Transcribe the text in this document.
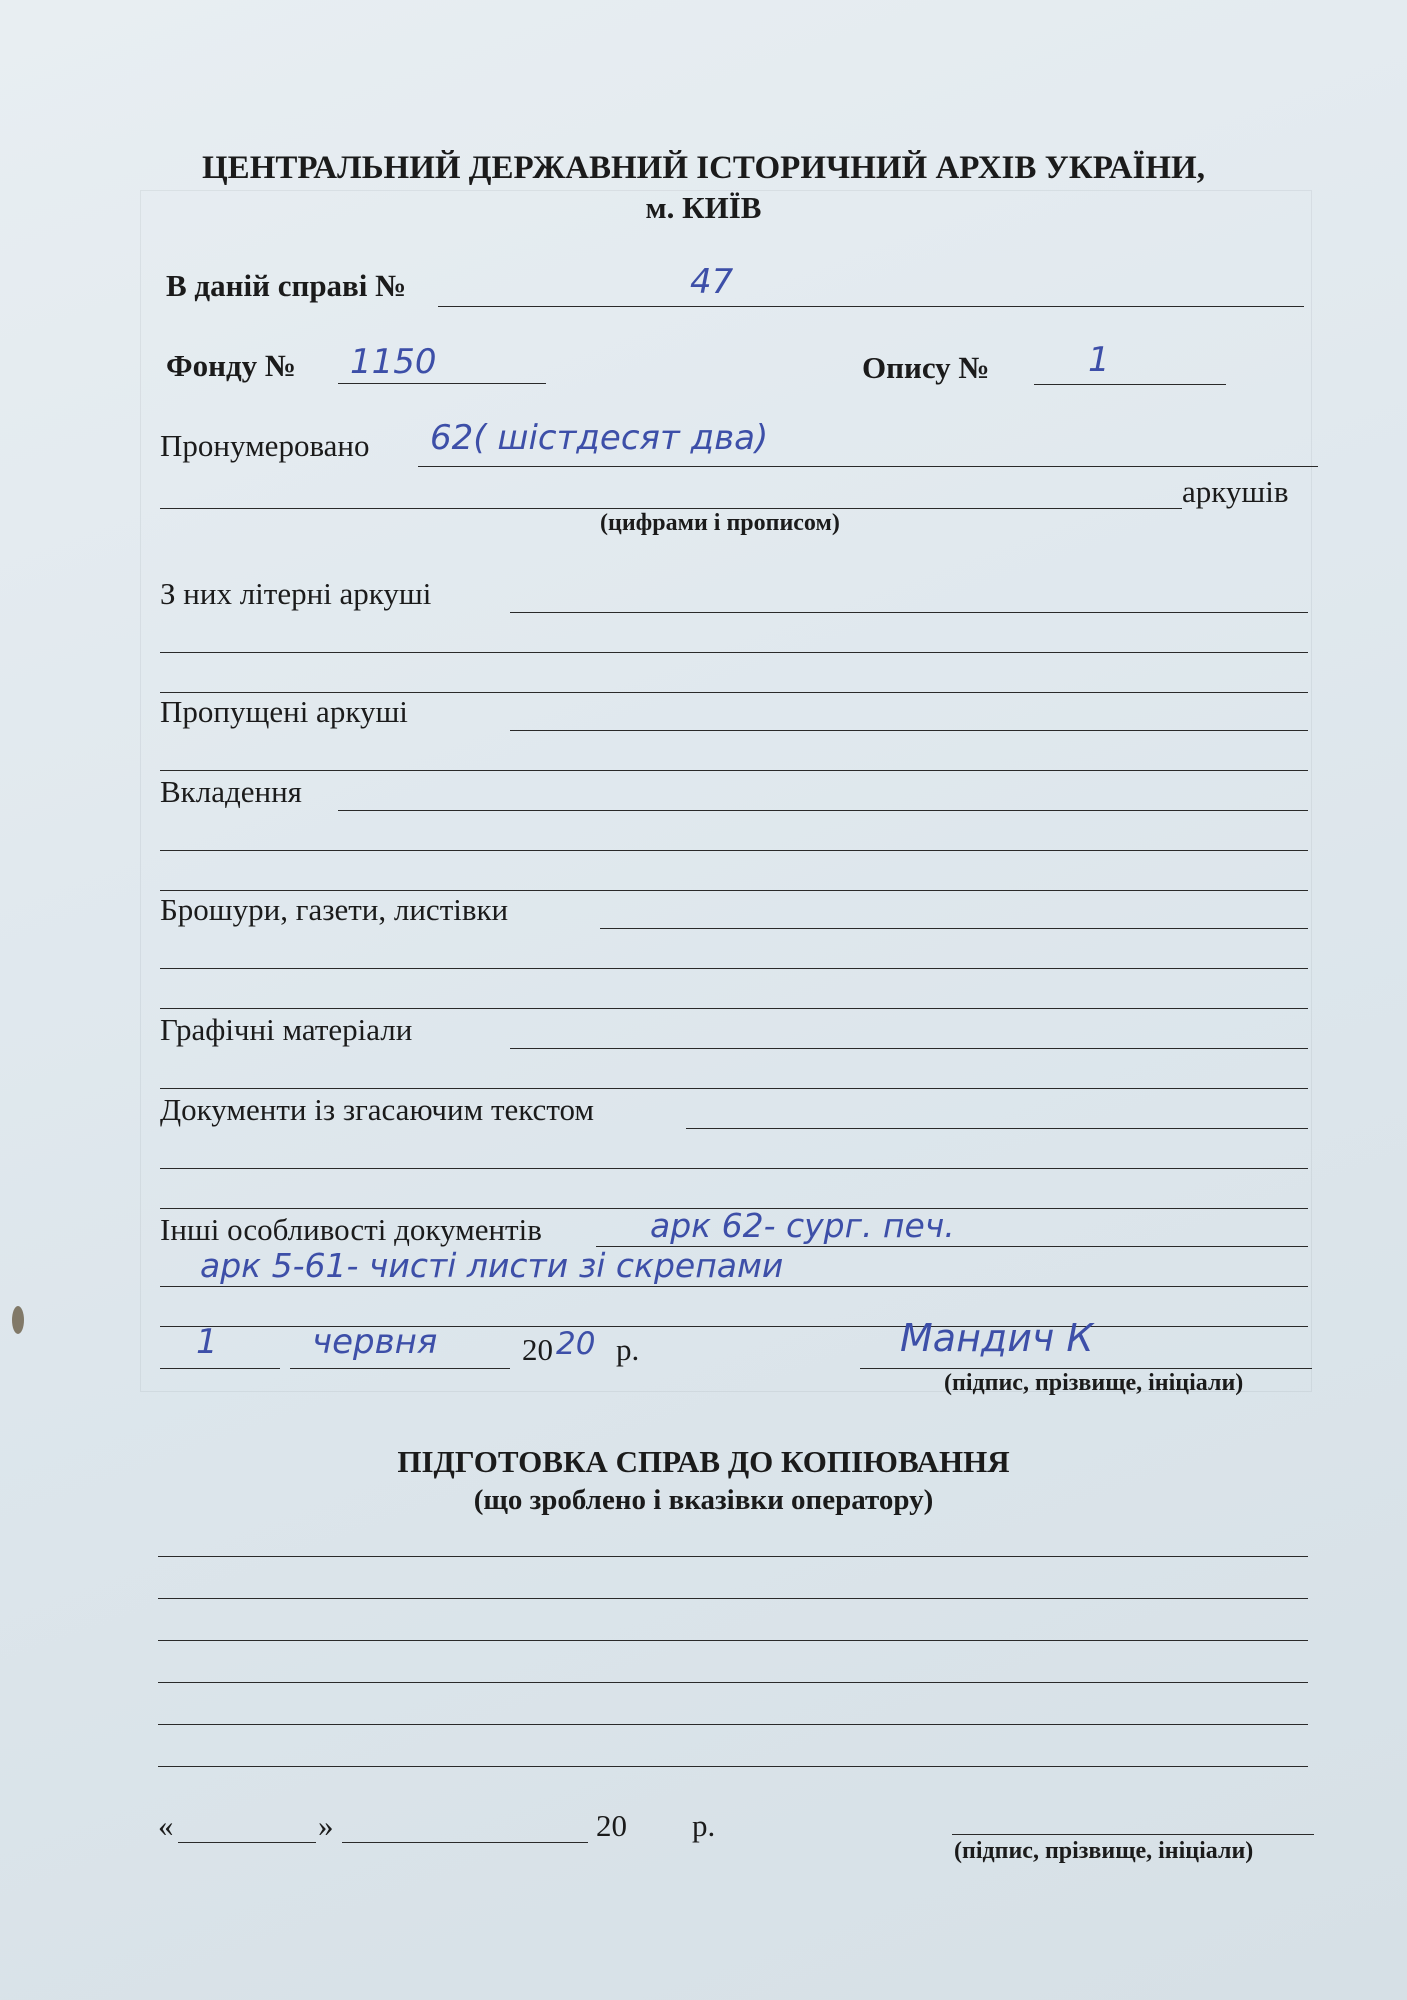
ЦЕНТРАЛЬНИЙ ДЕРЖАВНИЙ ІСТОРИЧНИЙ АРХІВ УКРАЇНИ,
м. КИЇВ
В даній справі №	47
Фонду № 1150	Опису №	1
Пронумеровано 62( шістдесят два)
аркушів
(цифрами і прописом)
З них літерні аркуші
Пропущені аркуші
Вкладення
Брошури, газети, листівки
Графічні матеріали
Документи із згасаючим текстом
Інші особливості документів	арк 62- сург. печ.
арк 5-61- чисті листи зі скрепами
1	червня	20 20 р.	Мандич К
(підпис, прізвище, ініціали)
ПІДГОТОВКА СПРАВ ДО КОПІЮВАННЯ
(що зроблено і вказівки оператору)
«	»	20 р.
(підпис, прізвище, ініціали)
